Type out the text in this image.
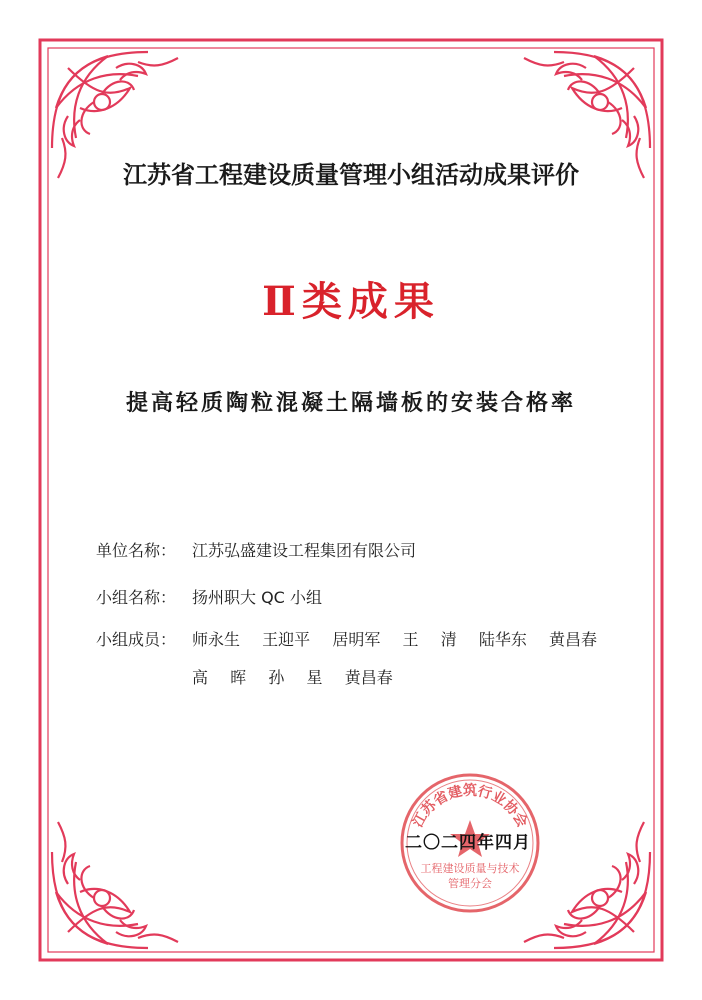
江苏省工程建设质量管理小组活动成果评价
Ⅱ类成果
提高轻质陶粒混凝土隔墙板的安装合格率
单位名称： 江苏弘盛建设工程集团有限公司
小组名称： 扬州职大 QC 小组
小组成员： 师永生  王迎平  居明军  王  清  陆华东  黄昌春
高  晖  孙  星  黄昌春
江苏省建筑行业协会
工程建设质量与技术
管理分会
二〇二四年四月
